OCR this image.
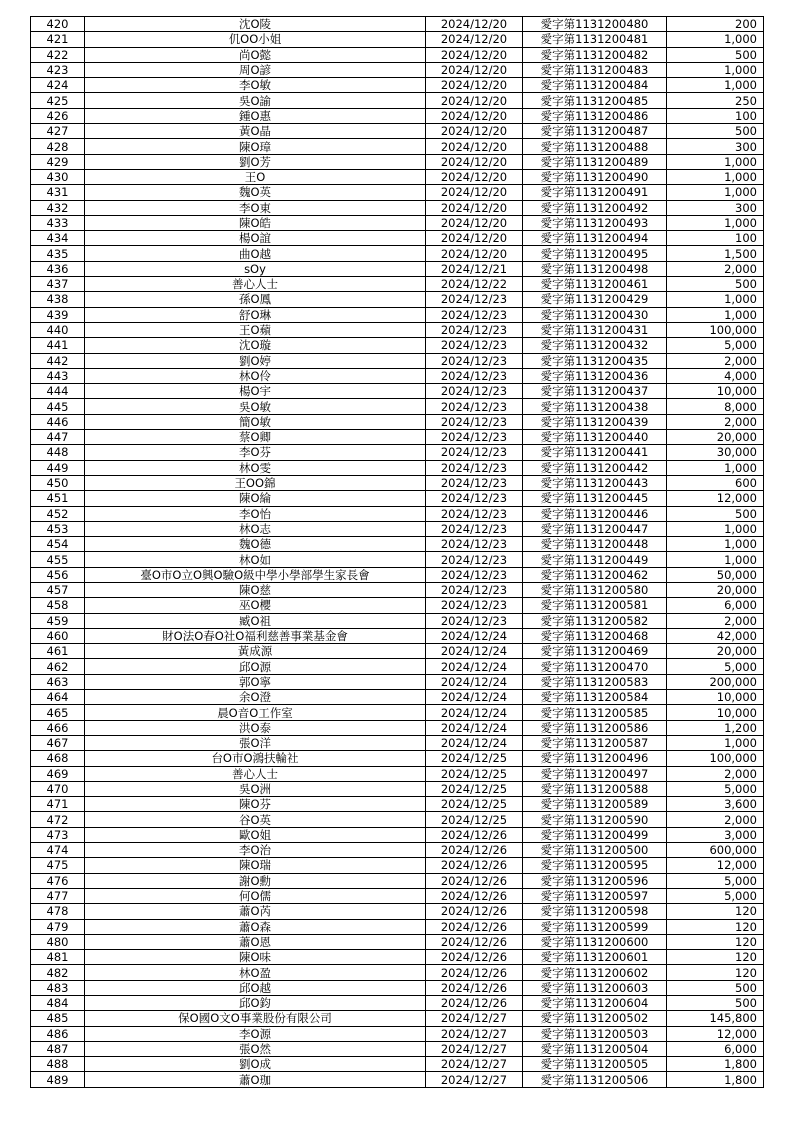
420	沈O陵	2024/12/20	愛字第1131200480	200
421	仉OO小姐	2024/12/20	愛字第1131200481	1,000
422	尚O懿	2024/12/20	愛字第1131200482	500
423	周O諺	2024/12/20	愛字第1131200483	1,000
424	李O敏	2024/12/20	愛字第1131200484	1,000
425	吳O諭	2024/12/20	愛字第1131200485	250
426	鍾O惠	2024/12/20	愛字第1131200486	100
427	黃O晶	2024/12/20	愛字第1131200487	500
428	陳O璋	2024/12/20	愛字第1131200488	300
429	劉O芳	2024/12/20	愛字第1131200489	1,000
430	王O	2024/12/20	愛字第1131200490	1,000
431	魏O英	2024/12/20	愛字第1131200491	1,000
432	李O東	2024/12/20	愛字第1131200492	300
433	陳O皓	2024/12/20	愛字第1131200493	1,000
434	楊O誼	2024/12/20	愛字第1131200494	100
435	曲O越	2024/12/20	愛字第1131200495	1,500
436	sOy	2024/12/21	愛字第1131200498	2,000
437	善心人士	2024/12/22	愛字第1131200461	500
438	孫O鳳	2024/12/23	愛字第1131200429	1,000
439	舒O琳	2024/12/23	愛字第1131200430	1,000
440	王O蘋	2024/12/23	愛字第1131200431	100,000
441	沈O璇	2024/12/23	愛字第1131200432	5,000
442	劉O婷	2024/12/23	愛字第1131200435	2,000
443	林O伶	2024/12/23	愛字第1131200436	4,000
444	楊O宇	2024/12/23	愛字第1131200437	10,000
445	吳O敏	2024/12/23	愛字第1131200438	8,000
446	簡O敏	2024/12/23	愛字第1131200439	2,000
447	蔡O卿	2024/12/23	愛字第1131200440	20,000
448	李O芬	2024/12/23	愛字第1131200441	30,000
449	林O雯	2024/12/23	愛字第1131200442	1,000
450	王OO錦	2024/12/23	愛字第1131200443	600
451	陳O綸	2024/12/23	愛字第1131200445	12,000
452	李O怡	2024/12/23	愛字第1131200446	500
453	林O志	2024/12/23	愛字第1131200447	1,000
454	魏O德	2024/12/23	愛字第1131200448	1,000
455	林O如	2024/12/23	愛字第1131200449	1,000
456	臺O市O立O興O驗O級中學小學部學生家長會	2024/12/23	愛字第1131200462	50,000
457	陳O慈	2024/12/23	愛字第1131200580	20,000
458	巫O櫻	2024/12/23	愛字第1131200581	6,000
459	臧O祖	2024/12/23	愛字第1131200582	2,000
460	財O法O春O社O福利慈善事業基金會	2024/12/24	愛字第1131200468	42,000
461	黃成源	2024/12/24	愛字第1131200469	20,000
462	邱O源	2024/12/24	愛字第1131200470	5,000
463	郭O寧	2024/12/24	愛字第1131200583	200,000
464	余O澄	2024/12/24	愛字第1131200584	10,000
465	晨O音O工作室	2024/12/24	愛字第1131200585	10,000
466	洪O泰	2024/12/24	愛字第1131200586	1,200
467	張O洋	2024/12/24	愛字第1131200587	1,000
468	台O市O鴻扶輪社	2024/12/25	愛字第1131200496	100,000
469	善心人士	2024/12/25	愛字第1131200497	2,000
470	吳O洲	2024/12/25	愛字第1131200588	5,000
471	陳O芬	2024/12/25	愛字第1131200589	3,600
472	谷O英	2024/12/25	愛字第1131200590	2,000
473	歐O姐	2024/12/26	愛字第1131200499	3,000
474	李O治	2024/12/26	愛字第1131200500	600,000
475	陳O瑞	2024/12/26	愛字第1131200595	12,000
476	謝O勳	2024/12/26	愛字第1131200596	5,000
477	何O儒	2024/12/26	愛字第1131200597	5,000
478	蕭O芮	2024/12/26	愛字第1131200598	120
479	蕭O森	2024/12/26	愛字第1131200599	120
480	蕭O恩	2024/12/26	愛字第1131200600	120
481	陳O味	2024/12/26	愛字第1131200601	120
482	林O盈	2024/12/26	愛字第1131200602	120
483	邱O越	2024/12/26	愛字第1131200603	500
484	邱O鈞	2024/12/26	愛字第1131200604	500
485	保O國O文O事業股份有限公司	2024/12/27	愛字第1131200502	145,800
486	李O源	2024/12/27	愛字第1131200503	12,000
487	張O然	2024/12/27	愛字第1131200504	6,000
488	劉O成	2024/12/27	愛字第1131200505	1,800
489	蕭O珈	2024/12/27	愛字第1131200506	1,800
